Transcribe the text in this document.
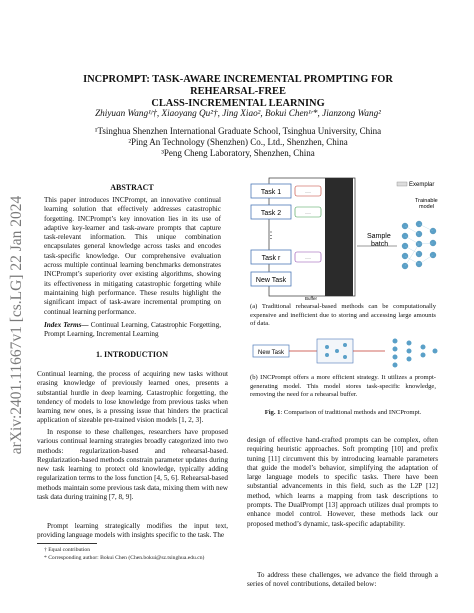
arXiv:2401.11667v1 [cs.LG] 22 Jan 2024
INCPROMPT: TASK-AWARE INCREMENTAL PROMPTING FOR REHEARSAL-FREE
CLASS-INCREMENTAL LEARNING
Zhiyuan Wang¹ʲ†, Xiaoyang Qu²†, Jing Xiao², Bokui Chen¹ʳ*, Jianzong Wang²
¹Tsinghua Shenzhen International Graduate School, Tsinghua University, China
²Ping An Technology (Shenzhen) Co., Ltd., Shenzhen, China
³Peng Cheng Laboratory, Shenzhen, China
ABSTRACT
This paper introduces INCPrompt, an innovative continual learning solution that effectively addresses catastrophic forgetting. INCPrompt’s key innovation lies in its use of adaptive key-learner and task-aware prompts that capture task-relevant information. This unique combination encapsulates general knowledge across tasks and encodes task-specific knowledge. Our comprehensive evaluation across multiple continual learning benchmarks demonstrates INCPrompt’s superiority over existing algorithms, showing its effectiveness in mitigating catastrophic forgetting while maintaining high performance. These results highlight the significant impact of task-aware incremental prompting on continual learning performance.
Index Terms— Continual Learning, Catastrophic Forgetting, Prompt Learning, Incremental Learning
1. INTRODUCTION
Continual learning, the process of acquiring new tasks without erasing knowledge of previously learned ones, presents a substantial hurdle in deep learning. Catastrophic forgetting, the tendency of models to lose knowledge from previous tasks when learning new ones, is a pressing issue that hinders the practical application of sizeable pre-trained vision models [1, 2, 3].
In response to these challenges, researchers have proposed various continual learning strategies broadly categorized into two methods: regularization-based and rehearsal-based. Regularization-based methods constrain parameter updates during new task learning to protect old knowledge, typically adding regularization terms to the loss function [4, 5, 6]. Rehearsal-based methods maintain some previous task data, mixing them with new task data during training [7, 8, 9].
Prompt learning strategically modifies the input text, providing language models with insights specific to the task. The
† Equal contribution
* Corresponding author: Bokui Chen (Chen.bokui@sz.tsinghua.edu.cn)
Task 1
Task 2
⋮
Task r
New Task
···
···
···
Buffer
Sample batch
Exemplar
Trainable model
(a) Traditional rehearsal-based methods can be computationally expensive and inefficient due to storing and accessing large amounts of data.
New Task
(b) INCPrompt offers a more efficient strategy. It utilizes a prompt-generating model. This model stores task-specific knowledge, removing the need for a rehearsal buffer.
Fig. 1: Comparison of traditional methods and INCPrompt.
design of effective hand-crafted prompts can be complex, often requiring heuristic approaches. Soft prompting [10] and prefix tuning [11] circumvent this by introducing learnable parameters that guide the model’s behavior, simplifying the adaptation of large language models to specific tasks. There have been substantial advancements in this field, such as the L2P [12] method, which learns a mapping from task descriptions to prompts. The DualPrompt [13] approach utilizes dual prompts to enhance model control. However, these methods lack our proposed method’s dynamic, task-specific adaptability.
To address these challenges, we advance the field through a series of novel contributions, detailed below:
